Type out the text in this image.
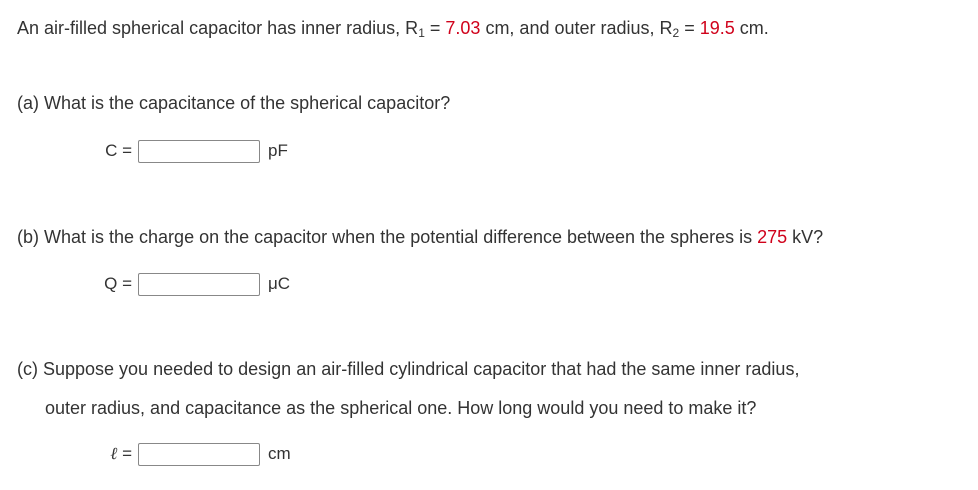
An air-filled spherical capacitor has inner radius, $R_1 = 7.03$ cm, and outer radius, $R_2 = 19.5$ cm.
(a) What is the capacitance of the spherical capacitor?
C =	pF
(b) What is the charge on the capacitor when the potential difference between the spheres is 275 kV?
Q =	μC
(c) Suppose you needed to design an air-filled cylindrical capacitor that had the same inner radius,
outer radius, and capacitance as the spherical one. How long would you need to make it?
ℓ =	cm
